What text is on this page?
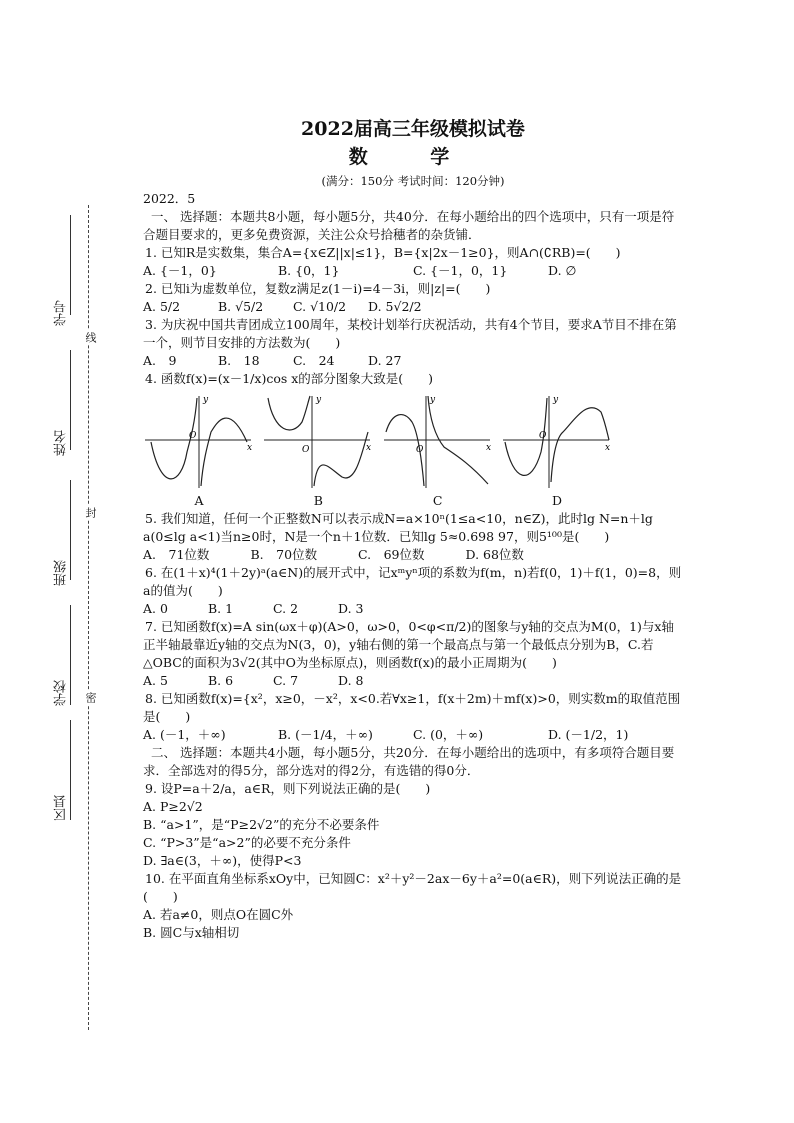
学号
姓名
班级
学校
区县
线
封
密
2022届高三年级模拟试卷
数 学
(满分：150分 考试时间：120分钟)

2022．5

一、 选择题：本题共8小题，每小题5分，共40分．在每小题给出的四个选项中，只有一项是符合题目要求的，更多免费资源，关注公众号拾穗者的杂货铺．

1. 已知R是实数集，集合A={x∈Z||x|≤1}，B={x|2x－1≥0}，则A∩(∁RB)=(　　)

A. {－1，0}	B. {0，1}	C. {－1，0，1}	D. ∅

2. 已知i为虚数单位，复数z满足z(1－i)=4－3i，则|z|=(　　)

A. 5/2	B. √5/2	C. √10/2	D. 5√2/2

3. 为庆祝中国共青团成立100周年，某校计划举行庆祝活动，共有4个节目，要求A节目不排在第一个，则节目安排的方法数为(　　)

A.　9	B.　18	C.　24	D. 27

4. 函数f(x)=(x－1/x)cos x的部分图象大致是(　　)

y
x
O
A
y
x
O
B
y
x
O
C
y
x
O
D

5. 我们知道，任何一个正整数N可以表示成N=a×10ⁿ(1≤a<10，n∈Z)，此时lg N=n＋lg a(0≤lg a<1)当n≥0时，N是一个n＋1位数．已知lg 5≈0.698 97，则5¹⁰⁰是(　　)

A.　71位数	B.　70位数	C.　69位数	D. 68位数

6. 在(1＋x)⁴(1＋2y)ᵃ(a∈N)的展开式中，记xᵐyⁿ项的系数为f(m，n)若f(0，1)＋f(1，0)=8，则a的值为(　　)

A. 0	B. 1	C. 2	D. 3

7. 已知函数f(x)=A sin(ωx＋φ)(A>0，ω>0，0<φ<π/2)的图象与y轴的交点为M(0，1)与x轴正半轴最靠近y轴的交点为N(3，0)，y轴右侧的第一个最高点与第一个最低点分别为B，C.若△OBC的面积为3√2(其中O为坐标原点)，则函数f(x)的最小正周期为(　　)

A. 5	B. 6	C. 7	D. 8

8. 已知函数f(x)={x²，x≥0，－x²，x<0.若∀x≥1，f(x＋2m)＋mf(x)>0，则实数m的取值范围是(　　)

A. (－1，＋∞)	B. (－1/4，＋∞)	C. (0，＋∞)	D. (－1/2，1)

二、 选择题：本题共4小题，每小题5分，共20分．在每小题给出的选项中，有多项符合题目要求．全部选对的得5分，部分选对的得2分，有选错的得0分．

9. 设P=a＋2/a，a∈R，则下列说法正确的是(　　)

A. P≥2√2

B. “a>1”，是“P≥2√2”的充分不必要条件

C. “P>3”是“a>2”的必要不充分条件

D. ∃a∈(3，＋∞)，使得P<3

10. 在平面直角坐标系xOy中，已知圆C：x²＋y²－2ax－6y＋a²=0(a∈R)，则下列说法正确的是(　　)

A. 若a≠0，则点O在圆C外

B. 圆C与x轴相切
